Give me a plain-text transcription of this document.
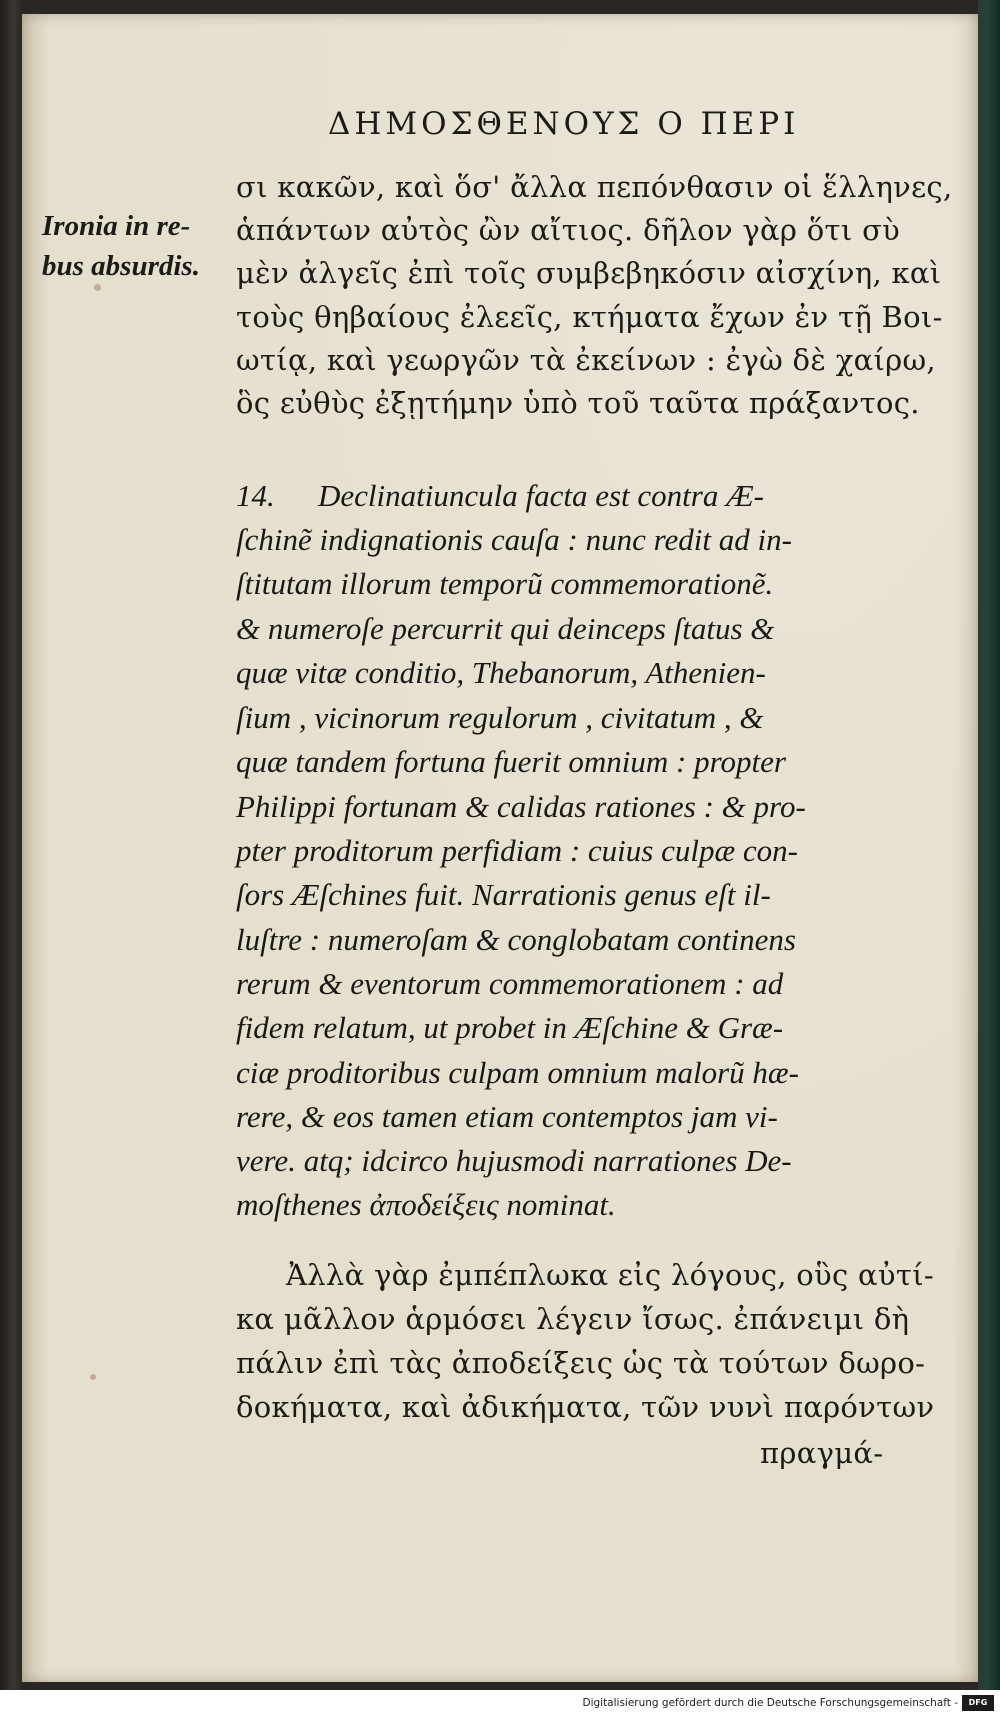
ΔΗΜΟΣΘΕΝΟΥΣ Ο ΠΕΡΙ
Ironia in re-
bus absurdis.
σι κακῶν, καὶ ὅσ' ἄλλα πεπόνθασιν οἱ ἕλληνες,
ἁπάντων αὐτὸς ὢν αἴτιος. δῆλον γὰρ ὅτι σὺ
μὲν ἀλγεῖς ἐπὶ τοῖς συμβεβηκόσιν αἰσχίνη, καὶ
τοὺς θηβαίους ἐλεεῖς, κτήματα ἔχων ἐν τῇ Βοι-
ωτίᾳ, καὶ γεωργῶν τὰ ἐκείνων : ἐγὼ δὲ χαίρω,
ὃς εὐθὺς ἐξῃτήμην ὑπὸ τοῦ ταῦτα πράξαντος.
14. Declinatiuncula facta est contra Æ-
ſchinẽ indignationis cauſa : nunc redit ad in-
ſtitutam illorum temporũ commemorationẽ.
& numeroſe percurrit qui deinceps ſtatus &
quæ vitæ conditio, Thebanorum, Athenien-
ſium , vicinorum regulorum , civitatum , &
quæ tandem fortuna fuerit omnium : propter
Philippi fortunam & calidas rationes : & pro-
pter proditorum perfidiam : cuius culpæ con-
ſors Æſchines fuit. Narrationis genus eſt il-
luſtre : numeroſam & conglobatam continens
rerum & eventorum commemorationem : ad
fidem relatum, ut probet in Æſchine & Græ-
ciæ proditoribus culpam omnium malorũ hæ-
rere, & eos tamen etiam contemptos jam vi-
vere. atq; idcirco hujusmodi narrationes De-
moſthenes ἀποδείξεις nominat.
Ἀλλὰ γὰρ ἐμπέπλωκα εἰς λόγους, οὓς αὐτί-
κα μᾶλλον ἁρμόσει λέγειν ἴσως. ἐπάνειμι δὴ
πάλιν ἐπὶ τὰς ἀποδείξεις ὡς τὰ τούτων δωρο-
δοκήματα, καὶ ἀδικήματα, τῶν νυνὶ παρόντων
πραγμά-
Digitalisierung gefördert durch die Deutsche Forschungsgemeinschaft -	DFG
